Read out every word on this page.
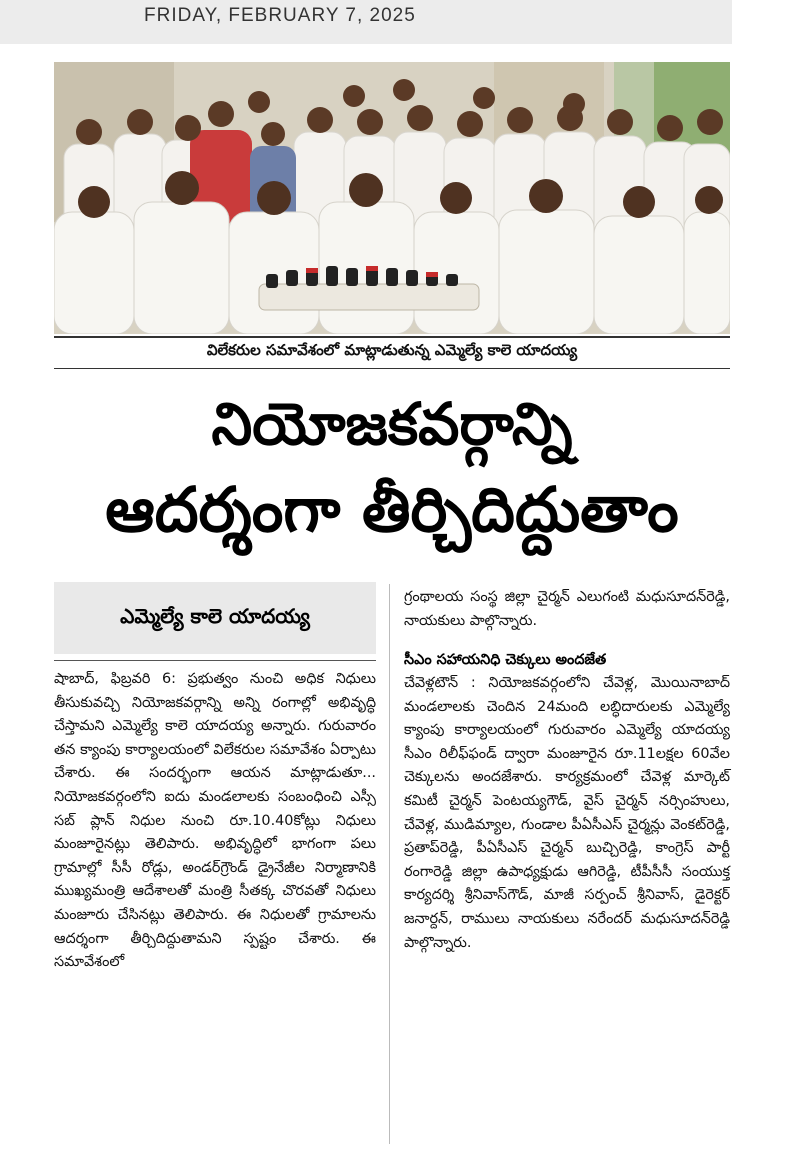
FRIDAY, FEBRUARY 7, 2025
విలేకరుల సమావేశంలో మాట్లాడుతున్న ఎమ్మెల్యే కాలె యాదయ్య
నియోజకవర్గాన్ని
ఆదర్శంగా తీర్చిదిద్దుతాం
ఎమ్మెల్యే కాలె యాదయ్య

షాబాద్, ఫిబ్రవరి 6: ప్రభుత్వం నుంచి అధిక నిధులు తీసుకువచ్చి నియోజకవర్గాన్ని అన్ని రంగాల్లో అభివృద్ధి చేస్తామని ఎమ్మెల్యే కాలె యాదయ్య అన్నారు. గురువారం తన క్యాంపు కార్యాలయంలో విలేకరుల సమావేశం ఏర్పాటు చేశారు. ఈ సందర్భంగా ఆయన మాట్లాడుతూ... నియోజకవర్గంలోని ఐదు మండలాలకు సంబంధించి ఎస్సీ సబ్ ప్లాన్ నిధుల నుంచి రూ.10.40కోట్లు నిధులు మంజూరైనట్లు తెలిపారు. అభివృద్ధిలో భాగంగా పలు గ్రామాల్లో సీసీ రోడ్లు, అండర్‌గ్రౌండ్ డ్రైనేజీల నిర్మాణానికి ముఖ్యమంత్రి ఆదేశాలతో మంత్రి సీతక్క చొరవతో నిధులు మంజూరు చేసినట్లు తెలిపారు. ఈ నిధులతో గ్రామాలను ఆదర్శంగా తీర్చిదిద్దుతామని స్పష్టం చేశారు. ఈ సమావేశంలో

గ్రంథాలయ సంస్థ జిల్లా చైర్మన్ ఎలుగంటి మధుసూదన్‌రెడ్డి, నాయకులు పాల్గొన్నారు.

సీఎం సహాయనిధి చెక్కులు అందజేత

చేవెళ్లటౌన్ : నియోజకవర్గంలోని చేవెళ్ల, మొయినాబాద్ మండలాలకు చెందిన 24మంది లబ్ధిదారులకు ఎమ్మెల్యే క్యాంపు కార్యాలయంలో గురువారం ఎమ్మెల్యే యాదయ్య సీఎం రిలీఫ్‌ఫండ్ ద్వారా మంజూరైన రూ.11లక్షల 60వేల చెక్కులను అందజేశారు. కార్యక్రమంలో చేవెళ్ల మార్కెట్ కమిటీ చైర్మన్ పెంటయ్యగౌడ్, వైస్ చైర్మన్ నర్సింహులు, చేవెళ్ల, ముడిమ్యాల, గుండాల పీఏసీఎస్ చైర్మన్లు వెంకట్‌రెడ్డి, ప్రతాప్‌రెడ్డి, పీఏసీఎస్ చైర్మన్ బుచ్చిరెడ్డి, కాంగ్రెస్ పార్టీ రంగారెడ్డి జిల్లా ఉపాధ్యక్షుడు ఆగిరెడ్డి, టీపీసీసీ సంయుక్త కార్యదర్శి శ్రీనివాస్‌గౌడ్, మాజీ సర్పంచ్ శ్రీనివాస్, డైరెక్టర్ జనార్దన్, రాములు నాయకులు నరేందర్ మధుసూదన్‌రెడ్డి పాల్గొన్నారు.
